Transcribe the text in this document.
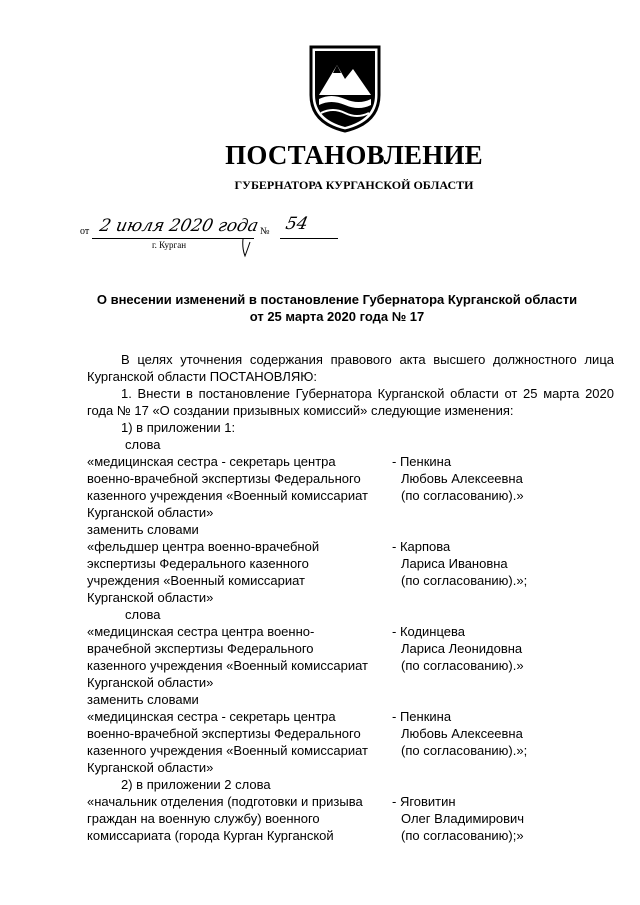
ПОСТАНОВЛЕНИЕ
ГУБЕРНАТОРА КУРГАНСКОЙ ОБЛАСТИ
от 2 июля 2020 года № 54
г. Курган
О внесении изменений в постановление Губернатора Курганской области
от 25 марта 2020 года № 17

В целях уточнения содержания правового акта высшего должностного лица Курганской области ПОСТАНОВЛЯЮ:

1. Внести в постановление Губернатора Курганской области от 25 марта 2020 года № 17 «О создании призывных комиссий» следующие изменения:

1) в приложении 1:

слова

«медицинская сестра - секретарь центра
военно-врачебной экспертизы Федерального
казенного учреждения «Военный комиссариат
Курганской области»
- Пенкина
Любовь Алексеевна
(по согласованию).»

заменить словами

«фельдшер центра военно-врачебной
экспертизы Федерального казенного
учреждения «Военный комиссариат
Курганской области»
- Карпова
Лариса Ивановна
(по согласованию).»;

слова

«медицинская сестра центра военно-
врачебной экспертизы Федерального
казенного учреждения «Военный комиссариат
Курганской области»
- Кодинцева
Лариса Леонидовна
(по согласованию).»

заменить словами

«медицинская сестра - секретарь центра
военно-врачебной экспертизы Федерального
казенного учреждения «Военный комиссариат
Курганской области»
- Пенкина
Любовь Алексеевна
(по согласованию).»;

2) в приложении 2 слова

«начальник отделения (подготовки и призыва
граждан на военную службу) военного
комиссариата (города Курган Курганской
- Яговитин
Олег Владимирович
(по согласованию);»
